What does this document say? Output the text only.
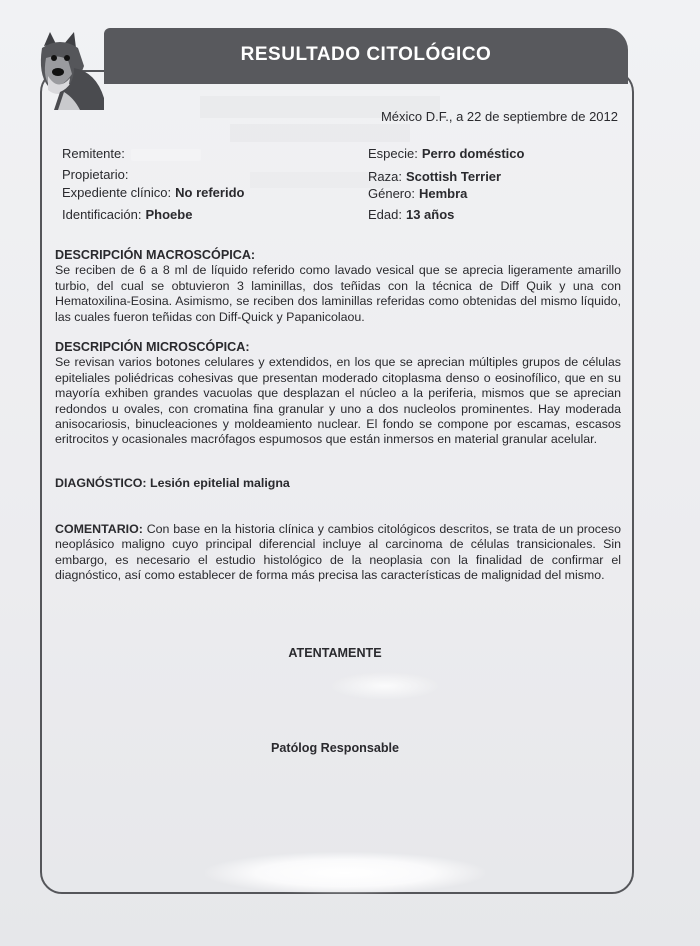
RESULTADO CITOLÓGICO
México D.F., a 22 de septiembre de 2012
Remitente:
Propietario:
Expediente clínico: No referido
Identificación: Phoebe
Especie: Perro doméstico
Raza: Scottish Terrier
Género: Hembra
Edad: 13 años
DESCRIPCIÓN MACROSCÓPICA:

Se reciben de 6 a 8 ml de líquido referido como lavado vesical que se aprecia ligeramente amarillo turbio, del cual se obtuvieron 3 laminillas, dos teñidas con la técnica de Diff Quik y una con Hematoxilina-Eosina. Asimismo, se reciben dos laminillas referidas como obtenidas del mismo líquido, las cuales fueron teñidas con Diff-Quick y Papanicolaou.

DESCRIPCIÓN MICROSCÓPICA:

Se revisan varios botones celulares y extendidos, en los que se aprecian múltiples grupos de células epiteliales poliédricas cohesivas que presentan moderado citoplasma denso o eosinofílico, que en su mayoría exhiben grandes vacuolas que desplazan el núcleo a la periferia, mismos que se aprecian redondos u ovales, con cromatina fina granular y uno a dos nucleolos prominentes. Hay moderada anisocariosis, binucleaciones y moldeamiento nuclear. El fondo se compone por escamas, escasos eritrocitos y ocasionales macrófagos espumosos que están inmersos en material granular acelular.

DIAGNÓSTICO: Lesión epitelial maligna

COMENTARIO: Con base en la historia clínica y cambios citológicos descritos, se trata de un proceso neoplásico maligno cuyo principal diferencial incluye al carcinoma de células transicionales. Sin embargo, es necesario el estudio histológico de la neoplasia con la finalidad de confirmar el diagnóstico, así como establecer de forma más precisa las características de malignidad del mismo.

ATENTAMENTE
Patólog Responsable
